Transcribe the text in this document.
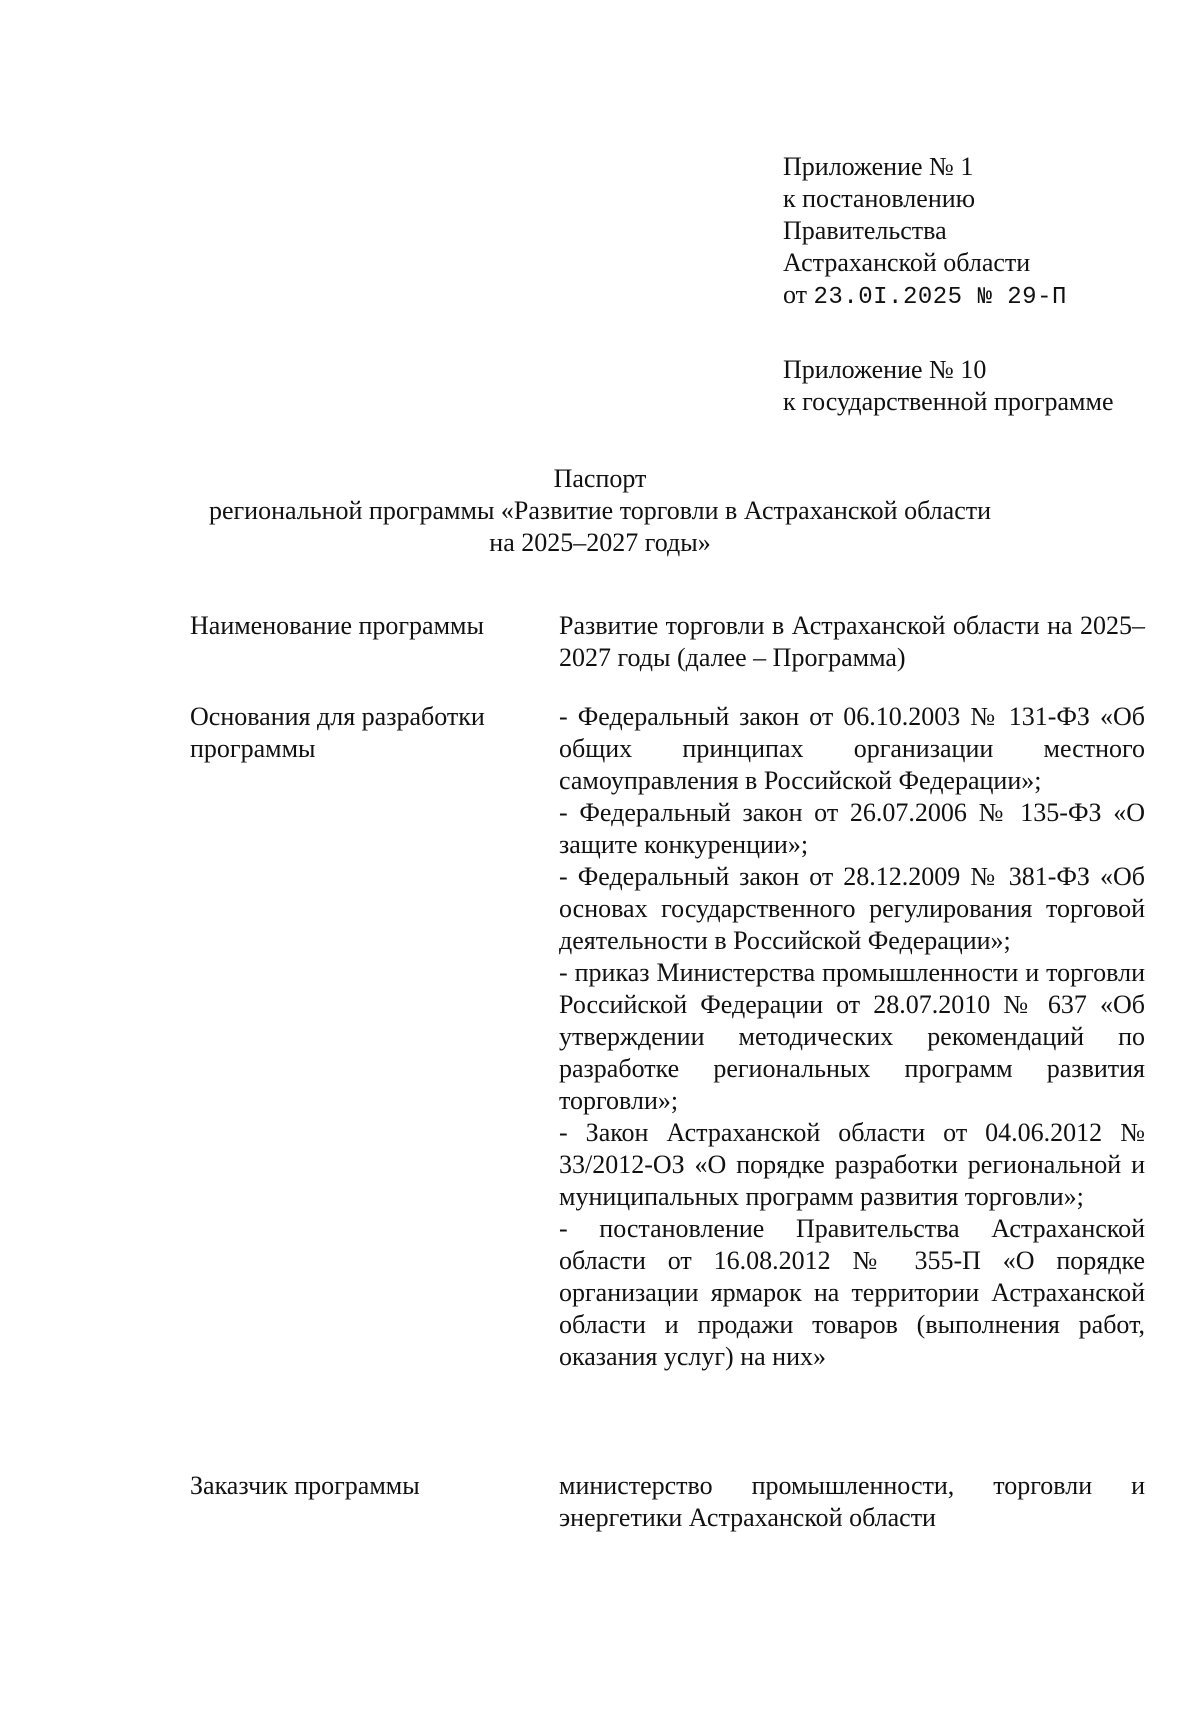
Приложение № 1

к постановлению

Правительства

Астраханской области

от 23.0I.2025 № 29-П

Приложение № 10

к государственной программе

Паспорт

региональной программы «Развитие торговли в Астраханской области

на 2025–2027 годы»

Наименование программы	Развитие торговли в Астраханской области на 2025–2027 годы (далее – Программа)

Основания для разработки программы

- Федеральный закон от 06.10.2003 № 131-ФЗ «Об общих принципах организации местного самоуправления в Российской Федерации»;

- Федеральный закон от 26.07.2006 № 135-ФЗ «О защите конкуренции»;

- Федеральный закон от 28.12.2009 № 381-ФЗ «Об основах государственного регулирования торговой деятельности в Российской Федерации»;

- приказ Министерства промышленности и торговли Российской Федерации от 28.07.2010 № 637 «Об утверждении методических рекомендаций по разработке региональных программ развития торговли»;

- Закон Астраханской области от 04.06.2012 № 33/2012-ОЗ «О порядке разработки региональной и муниципальных программ развития торговли»;

- постановление Правительства Астраханской области от 16.08.2012 № 355-П «О порядке организации ярмарок на территории Астраханской области и продажи товаров (выполнения работ, оказания услуг) на них»

Заказчик программы	министерство промышленности, торговли и энергетики Астраханской области
